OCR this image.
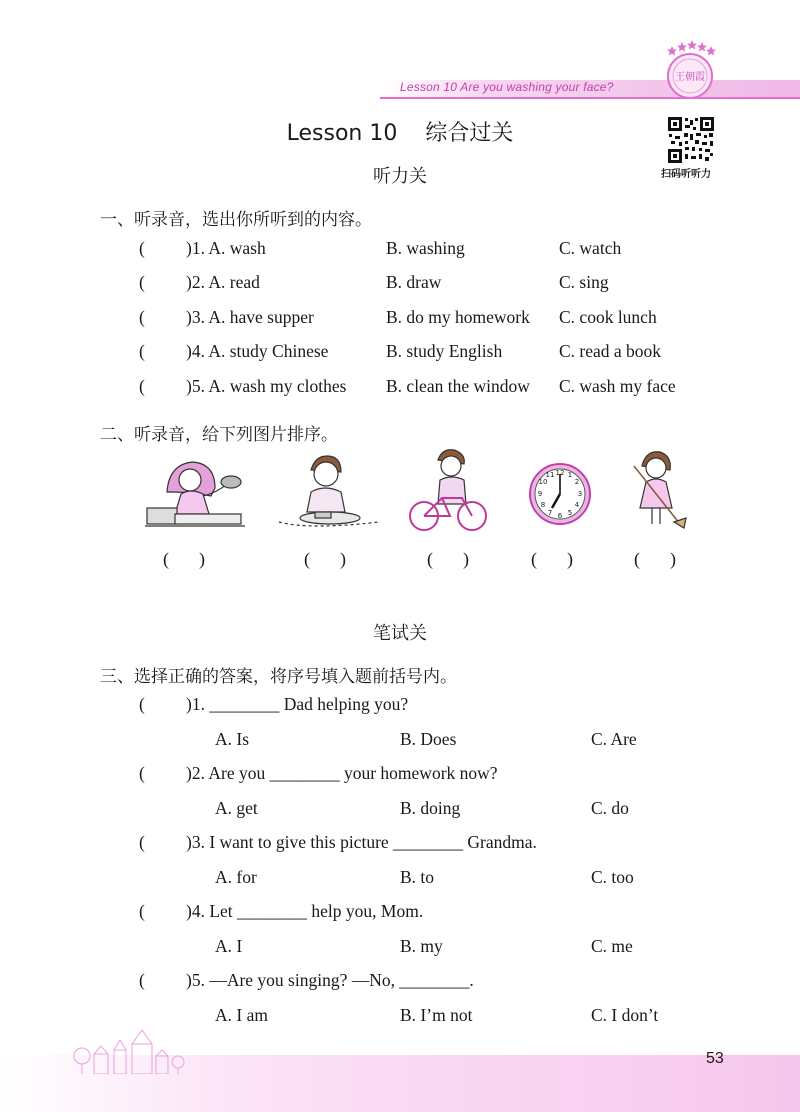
Lesson 10 Are you washing your face?
王朝霞
Lesson 10    综合过关
扫码听听力
听力关
一、听录音，选出你所听到的内容。
( )1. A. wash	B. washing	C. watch
( )2. A. read	B. draw	C. sing
( )3. A. have supper	B. do my homework C. cook lunch
( )4. A. study Chinese	B. study English	C. read a book
( )5. A. wash my clothes B. clean the window C. wash my face
二、听录音，给下列图片排序。
12 1
2
3
4
5
6
7
8
9
10
11
( )	( )	( )	( )	( )
笔试关
三、选择正确的答案，将序号填入题前括号内。
( )1. ________ Dad helping you?
A. Is	B. Does	C. Are
( )2. Are you ________ your homework now?
A. get	B. doing	C. do
( )3. I want to give this picture ________ Grandma.
A. for	B. to	C. too
( )4. Let ________ help you, Mom.
A. I	B. my	C. me
( )5. —Are you singing? —No, ________.
A. I am	B. I’m not	C. I don’t
53
